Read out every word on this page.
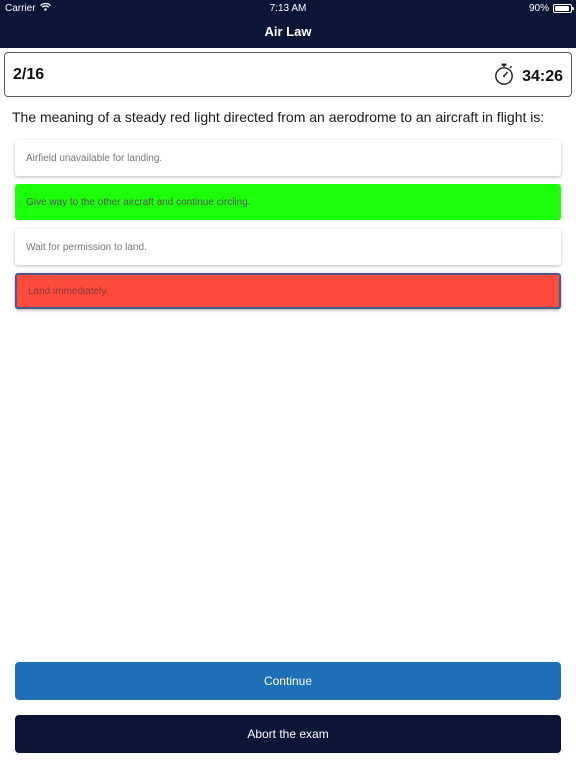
Carrier	7:13 AM	90%
Air Law
2/16	34:26
The meaning of a steady red light directed from an aerodrome to an aircraft in flight is:
Airfield unavailable for landing.
Give way to the other aircraft and continue circling.
Wait for permission to land.
Land immediately.
Continue
Abort the exam
